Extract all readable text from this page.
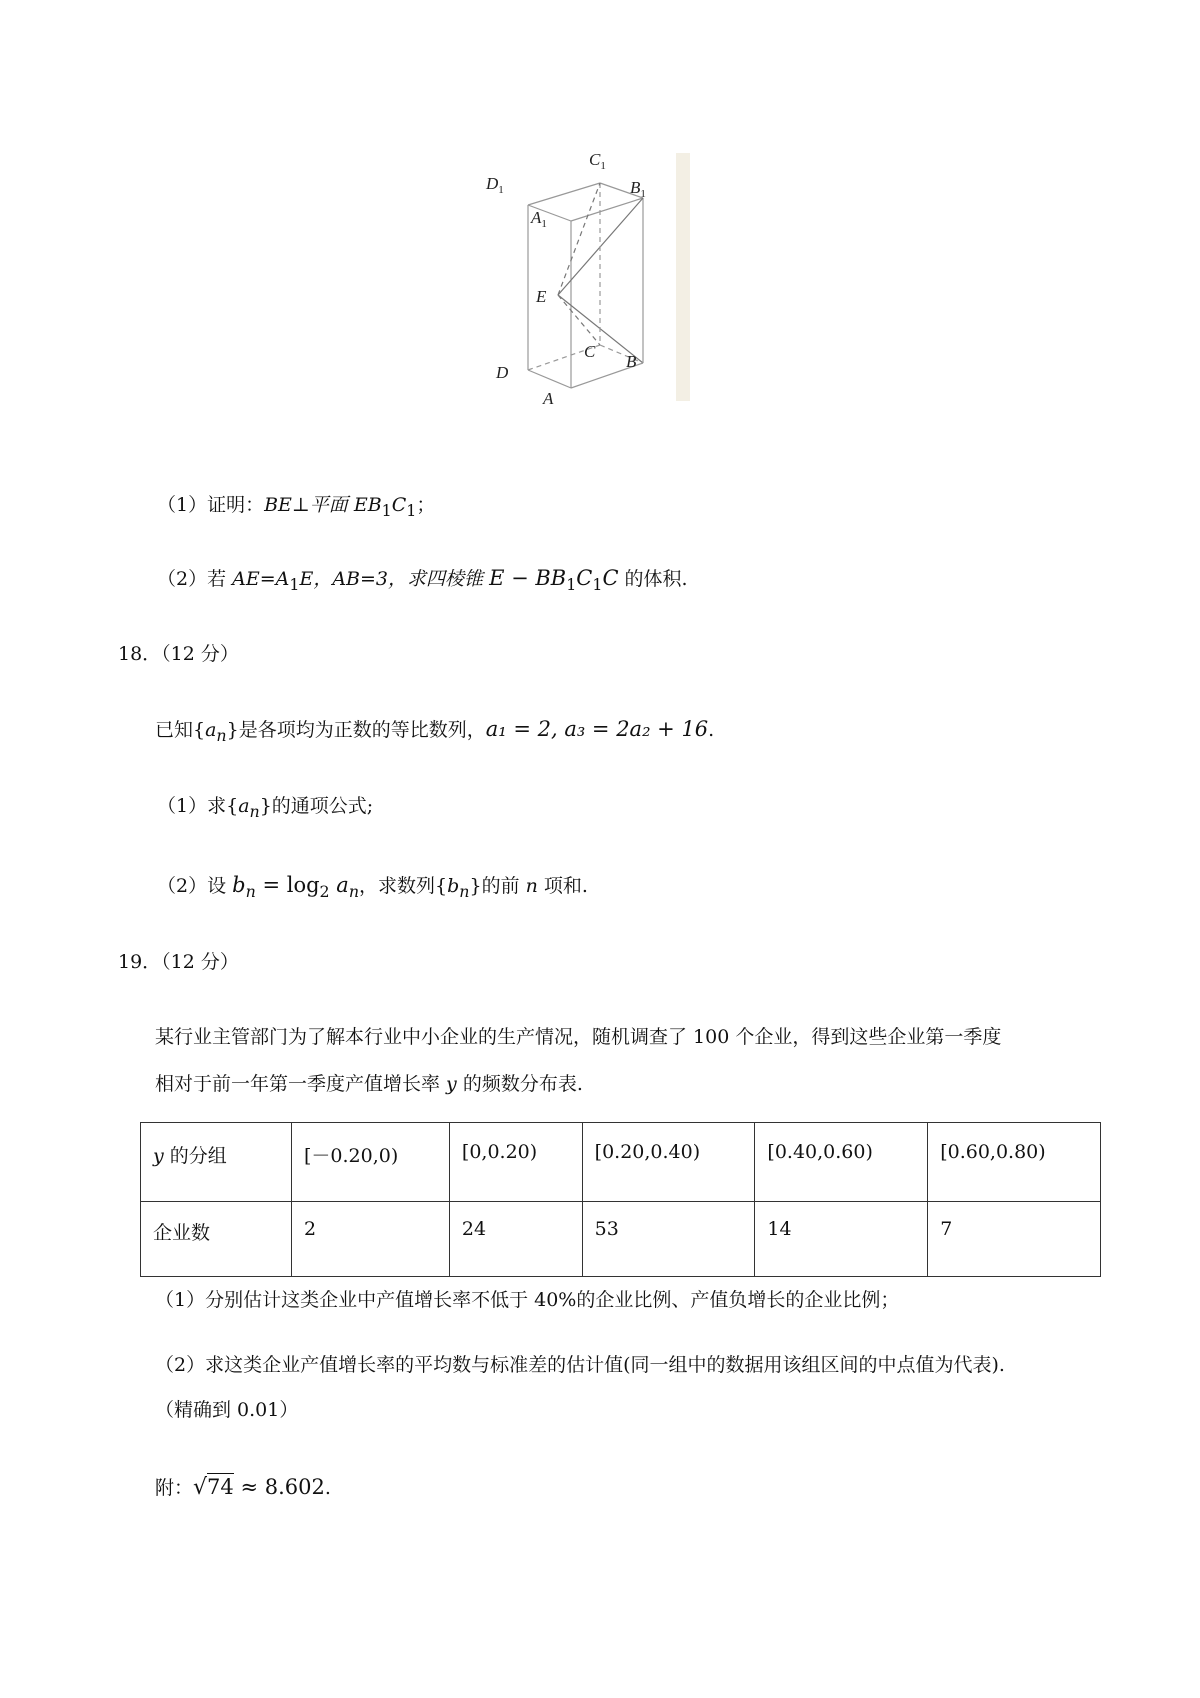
$C_1$
$D_1$	$B_1$
$A_1$
E
C
B
D
A
（1）证明：BE⊥平面 $EB_1C_1$；
（2）若 $AE=A_1E$，AB=3，求四棱锥 $E - BB_1C_1C$ 的体积.
18．（12 分）
已知$\{a_n\}$是各项均为正数的等比数列，a₁ = 2, a₃ = 2a₂ + 16.
（1）求$\{a_n\}$的通项公式;
（2）设 $b_n = \log_2 a_n$，求数列$\{b_n\}$的前 n 项和.
19．（12 分）
某行业主管部门为了解本行业中小企业的生产情况，随机调查了 100 个企业，得到这些企业第一季度
相对于前一年第一季度产值增长率 y 的频数分布表.
y 的分组	[－0.20,0)	[0,0.20)	[0.20,0.40)	[0.40,0.60)	[0.60,0.80)
企业数	2	24	53	14	7
（1）分别估计这类企业中产值增长率不低于 40%的企业比例、产值负增长的企业比例；
（2）求这类企业产值增长率的平均数与标准差的估计值(同一组中的数据用该组区间的中点值为代表).
（精确到 0.01）
附：√74 ≈ 8.602.
